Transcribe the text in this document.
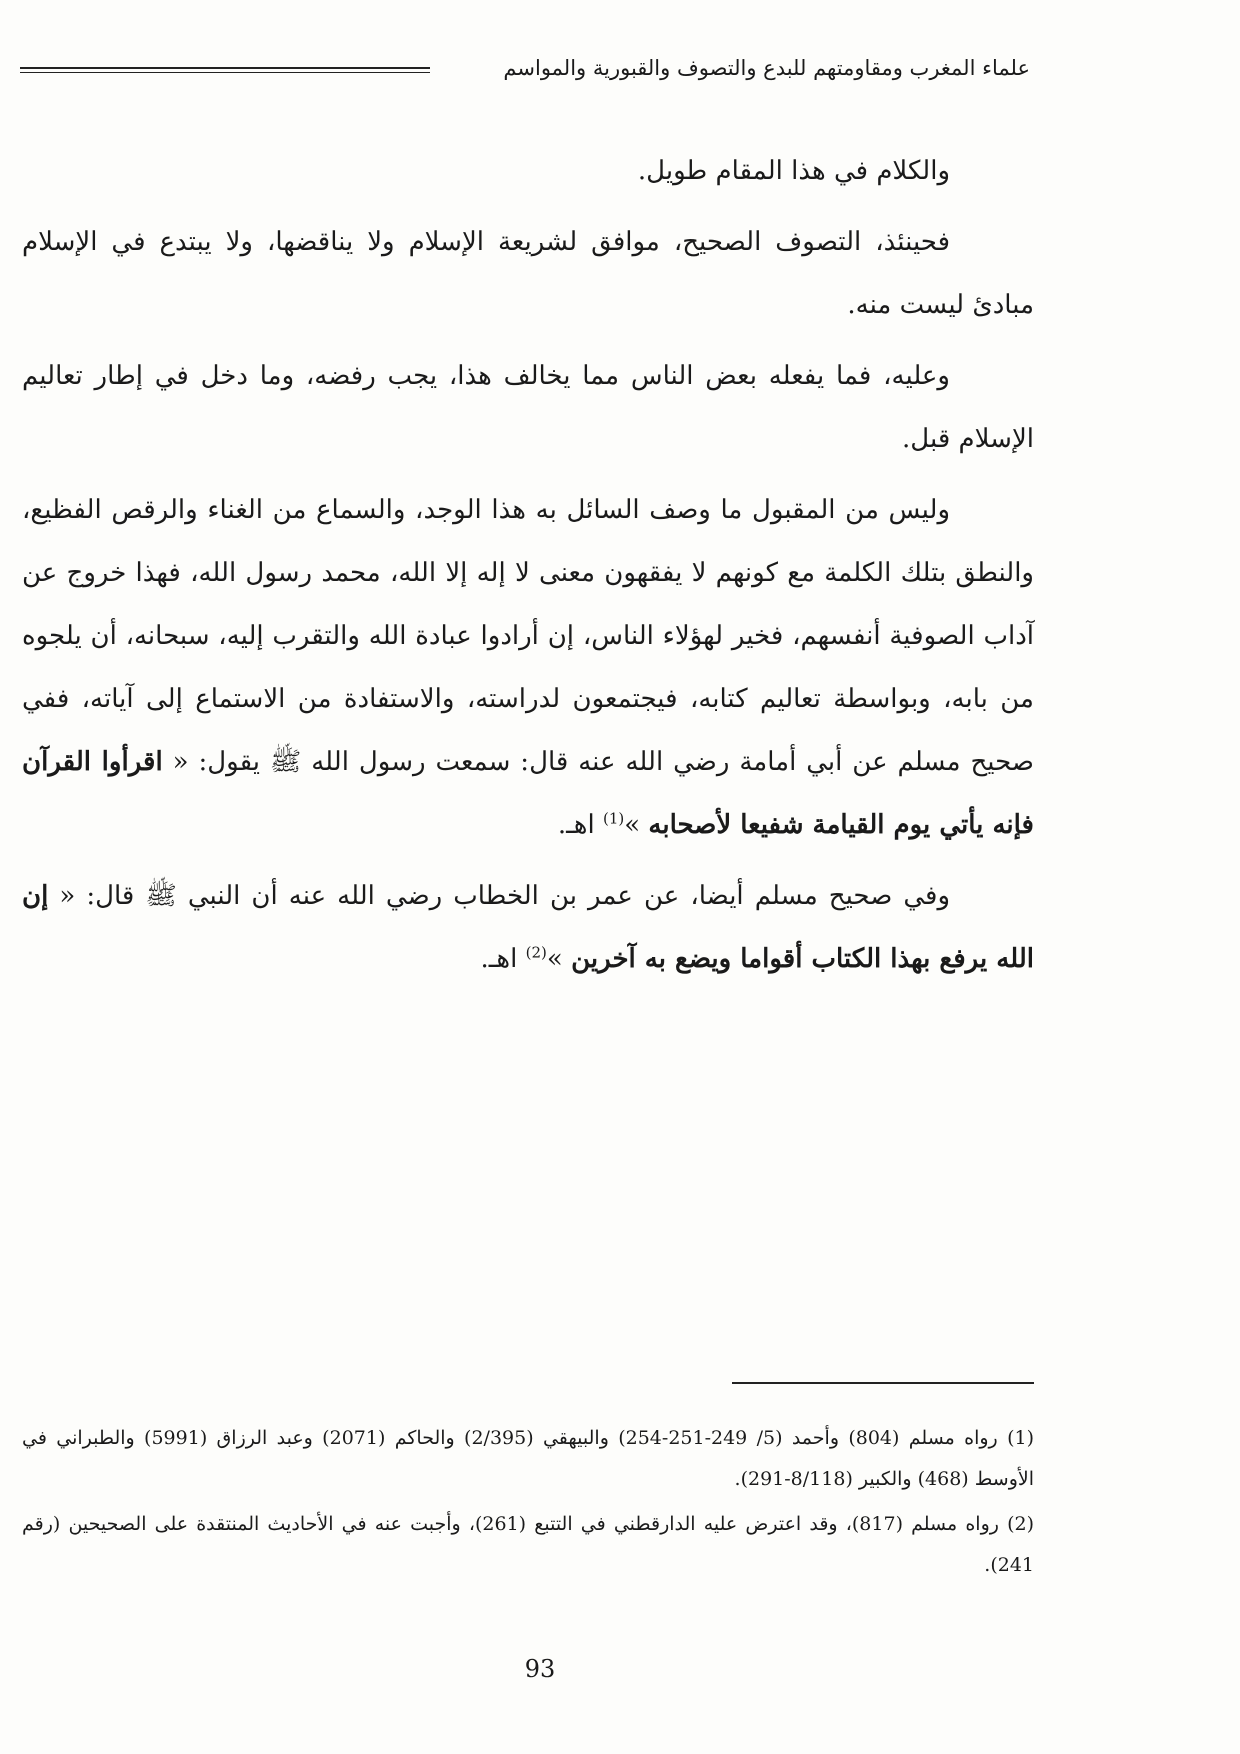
علماء المغرب ومقاومتهم للبدع والتصوف والقبورية والمواسم

والكلام في هذا المقام طويل.

فحينئذ، التصوف الصحيح، موافق لشريعة الإسلام ولا يناقضها، ولا يبتدع في الإسلام مبادئ ليست منه.

وعليه، فما يفعله بعض الناس مما يخالف هذا، يجب رفضه، وما دخل في إطار تعاليم الإسلام قبل.

وليس من المقبول ما وصف السائل به هذا الوجد، والسماع من الغناء والرقص الفظيع، والنطق بتلك الكلمة مع كونهم لا يفقهون معنى لا إله إلا الله، محمد رسول الله، فهذا خروج عن آداب الصوفية أنفسهم، فخير لهؤلاء الناس، إن أرادوا عبادة الله والتقرب إليه، سبحانه، أن يلجوه من بابه، وبواسطة تعاليم كتابه، فيجتمعون لدراسته، والاستفادة من الاستماع إلى آياته، ففي صحيح مسلم عن أبي أمامة رضي الله عنه قال: سمعت رسول الله ﷺ يقول: « اقرأوا القرآن فإنه يأتي يوم القيامة شفيعا لأصحابه »$^{(1)}$ اهـ.

وفي صحيح مسلم أيضا، عن عمر بن الخطاب رضي الله عنه أن النبي ﷺ قال: « إن الله يرفع بهذا الكتاب أقواما ويضع به آخرين »$^{(2)}$ اهـ.

(1) رواه مسلم (804) وأحمد (5/ 249-251-254) والبيهقي (2/395) والحاكم (2071) وعبد الرزاق (5991) والطبراني في الأوسط (468) والكبير (8/118-291).

(2) رواه مسلم (817)، وقد اعترض عليه الدارقطني في التتبع (261)، وأجبت عنه في الأحاديث المنتقدة على الصحيحين (رقم 241).

93
